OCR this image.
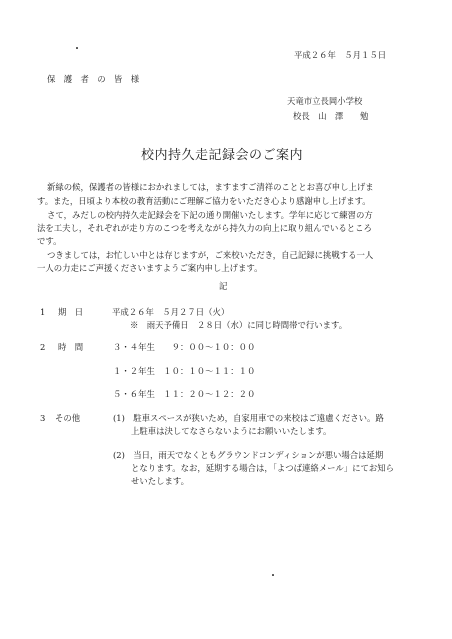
平成２６年　５月１５日
保　護　者　の　皆　様
天竜市立長岡小学校
校長　山　澤　　勉
校内持久走記録会のご案内
新緑の候，保護者の皆様におかれましては，ますますご清祥のこととお喜び申し上げま
す。また，日頃より本校の教育活動にご理解ご協力をいただき心より感謝申し上げます。
さて，みだしの校内持久走記録会を下記の通り開催いたします。学年に応じて練習の方
法を工夫し，それぞれが走り方のこつを考えながら持久力の向上に取り組んでいるところ
です。
つきましては，お忙しい中とは存じますが，ご来校いただき，自己記録に挑戦する一人
一人の力走にご声援くださいますようご案内申し上げます。
記
1 期　日	平成２６年　５月２７日（火）
※　雨天予備日　２８日（水）に同じ時間帯で行います。
2 時　間	３・４年生　　９：００～１０：００
１・２年生　１０：１０～１１：１０
５・６年生　１１：２０～１２：２０
3 その他	(1)　駐車スペースが狭いため，自家用車での来校はご遠慮ください。路
上駐車は決してなさらないようにお願いいたします。
(2)　当日，雨天でなくともグラウンドコンディションが悪い場合は延期
となります。なお，延期する場合は，「よつば連絡メール」にてお知ら
せいたします。
